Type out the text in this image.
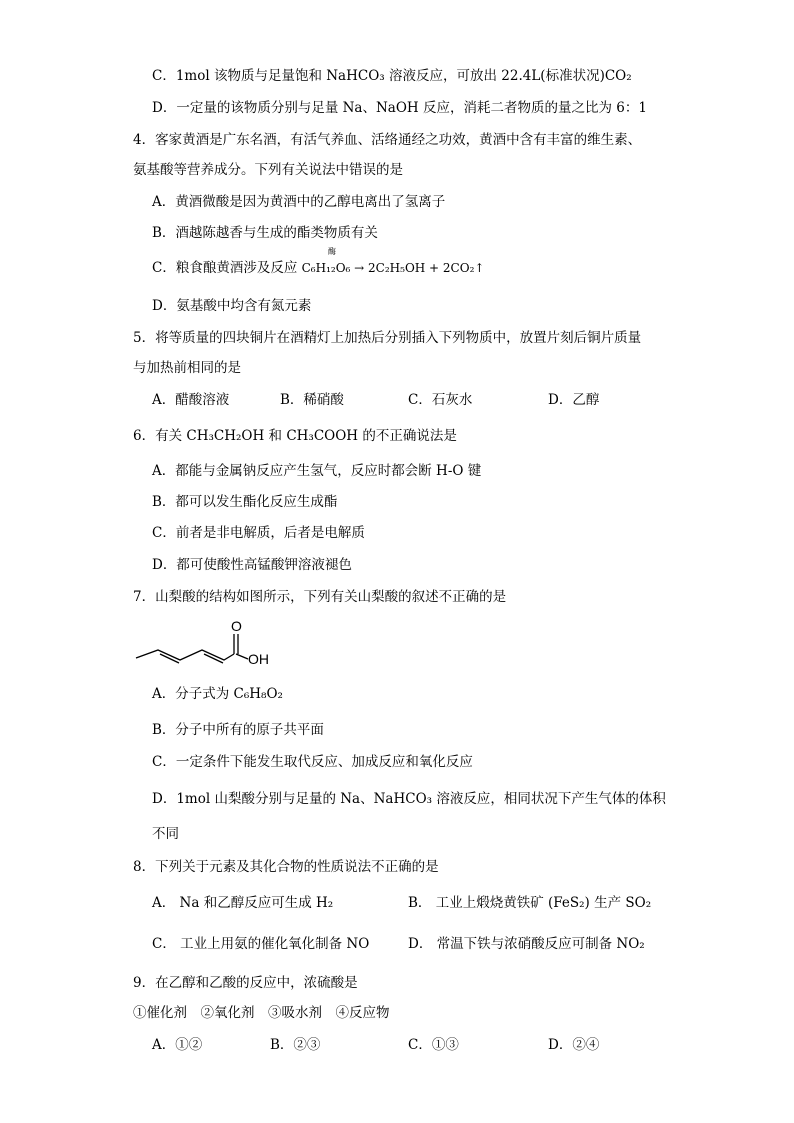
C．1mol 该物质与足量饱和 NaHCO₃ 溶液反应，可放出 22.4L(标准状况)CO₂
D．一定量的该物质分别与足量 Na、NaOH 反应，消耗二者物质的量之比为 6：1
4．客家黄酒是广东名酒，有活气养血、活络通经之功效，黄酒中含有丰富的维生素、
氨基酸等营养成分。下列有关说法中错误的是
A．黄酒微酸是因为黄酒中的乙醇电离出了氢离子
B．酒越陈越香与生成的酯类物质有关
C．粮食酿黄酒涉及反应 C₆H₁₂O₆ → 2C₂H₅OH + 2CO₂↑
酶
D．氨基酸中均含有氮元素
5．将等质量的四块铜片在酒精灯上加热后分别插入下列物质中，放置片刻后铜片质量
与加热前相同的是
A．醋酸溶液	B．稀硝酸	C．石灰水	D．乙醇
6．有关 CH₃CH₂OH 和 CH₃COOH 的不正确说法是
A．都能与金属钠反应产生氢气，反应时都会断 H-O 键
B．都可以发生酯化反应生成酯
C．前者是非电解质，后者是电解质
D．都可使酸性高锰酸钾溶液褪色
7．山梨酸的结构如图所示，下列有关山梨酸的叙述不正确的是
O
OH
A．分子式为 C₆H₈O₂
B．分子中所有的原子共平面
C．一定条件下能发生取代反应、加成反应和氧化反应
D．1mol 山梨酸分别与足量的 Na、NaHCO₃ 溶液反应，相同状况下产生气体的体积
不同
8．下列关于元素及其化合物的性质说法不正确的是
A． Na 和乙醇反应可生成 H₂	B． 工业上煅烧黄铁矿 (FeS₂) 生产 SO₂
C． 工业上用氨的催化氧化制备 NO	D． 常温下铁与浓硝酸反应可制备 NO₂
9．在乙醇和乙酸的反应中，浓硫酸是
①催化剂　②氧化剂　③吸水剂　④反应物
A．①②	B．②③	C．①③	D．②④
